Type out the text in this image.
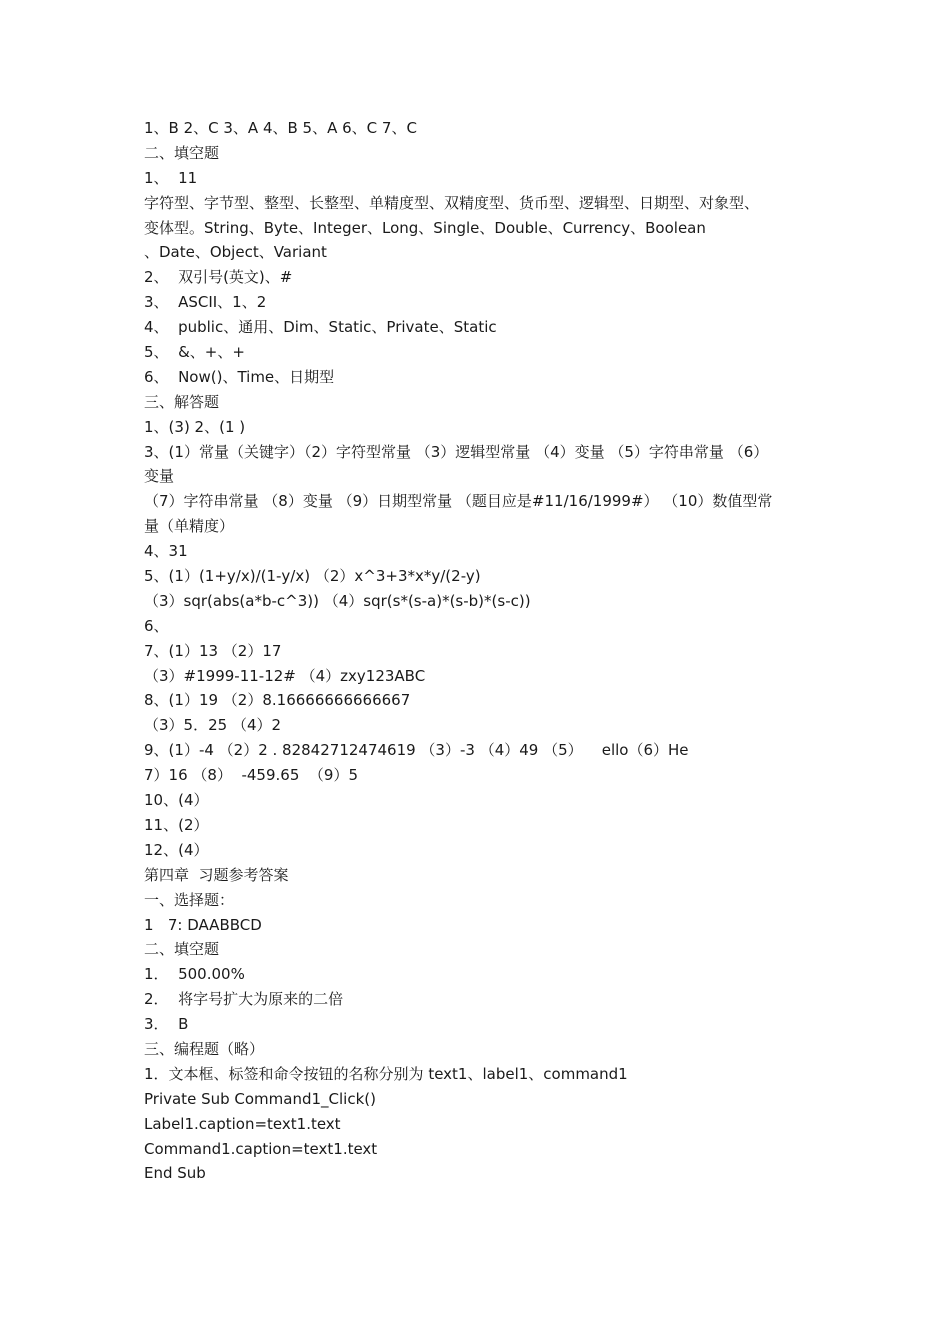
1、B 2、C 3、A 4、B 5、A 6、C 7、C
二、填空题
1、  11
字符型、字节型、整型、长整型、单精度型、双精度型、货币型、逻辑型、日期型、对象型、
变体型。String、Byte、Integer、Long、Single、Double、Currency、Boolean
、Date、Object、Variant
2、  双引号(英文)、#
3、  ASCII、1、2
4、  public、通用、Dim、Static、Private、Static
5、  &、+、+
6、  Now()、Time、日期型
三、解答题
1、(3) 2、(1 )
3、(1）常量（关键字）（2）字符型常量 （3）逻辑型常量 （4）变量 （5）字符串常量 （6）
变量
（7）字符串常量 （8）变量 （9）日期型常量 （题目应是#11/16/1999#） （10）数值型常
量（单精度）
4、31
5、(1）(1+y/x)/(1-y/x) （2）x^3+3*x*y/(2-y)
（3）sqr(abs(a*b-c^3)) （4）sqr(s*(s-a)*(s-b)*(s-c))
6、
7、(1）13 （2）17
（3）#1999-11-12# （4）zxy123ABC
8、(1）19 （2）8.16666666666667
（3）5．25 （4）2
9、(1）-4 （2）2 . 82842712474619 （3）-3 （4）49 （5）    ello（6）He
7）16 （8）  -459.65  （9）5
10、(4）
11、(2）
12、(4）
第四章  习题参考答案
一、选择题：
1   7: DAABBCD
二、填空题
1．  500.00%
2．  将字号扩大为原来的二倍
3．  B
三、编程题（略）
1．文本框、标签和命令按钮的名称分别为 text1、label1、command1
Private Sub Command1_Click()
Label1.caption=text1.text
Command1.caption=text1.text
End Sub
